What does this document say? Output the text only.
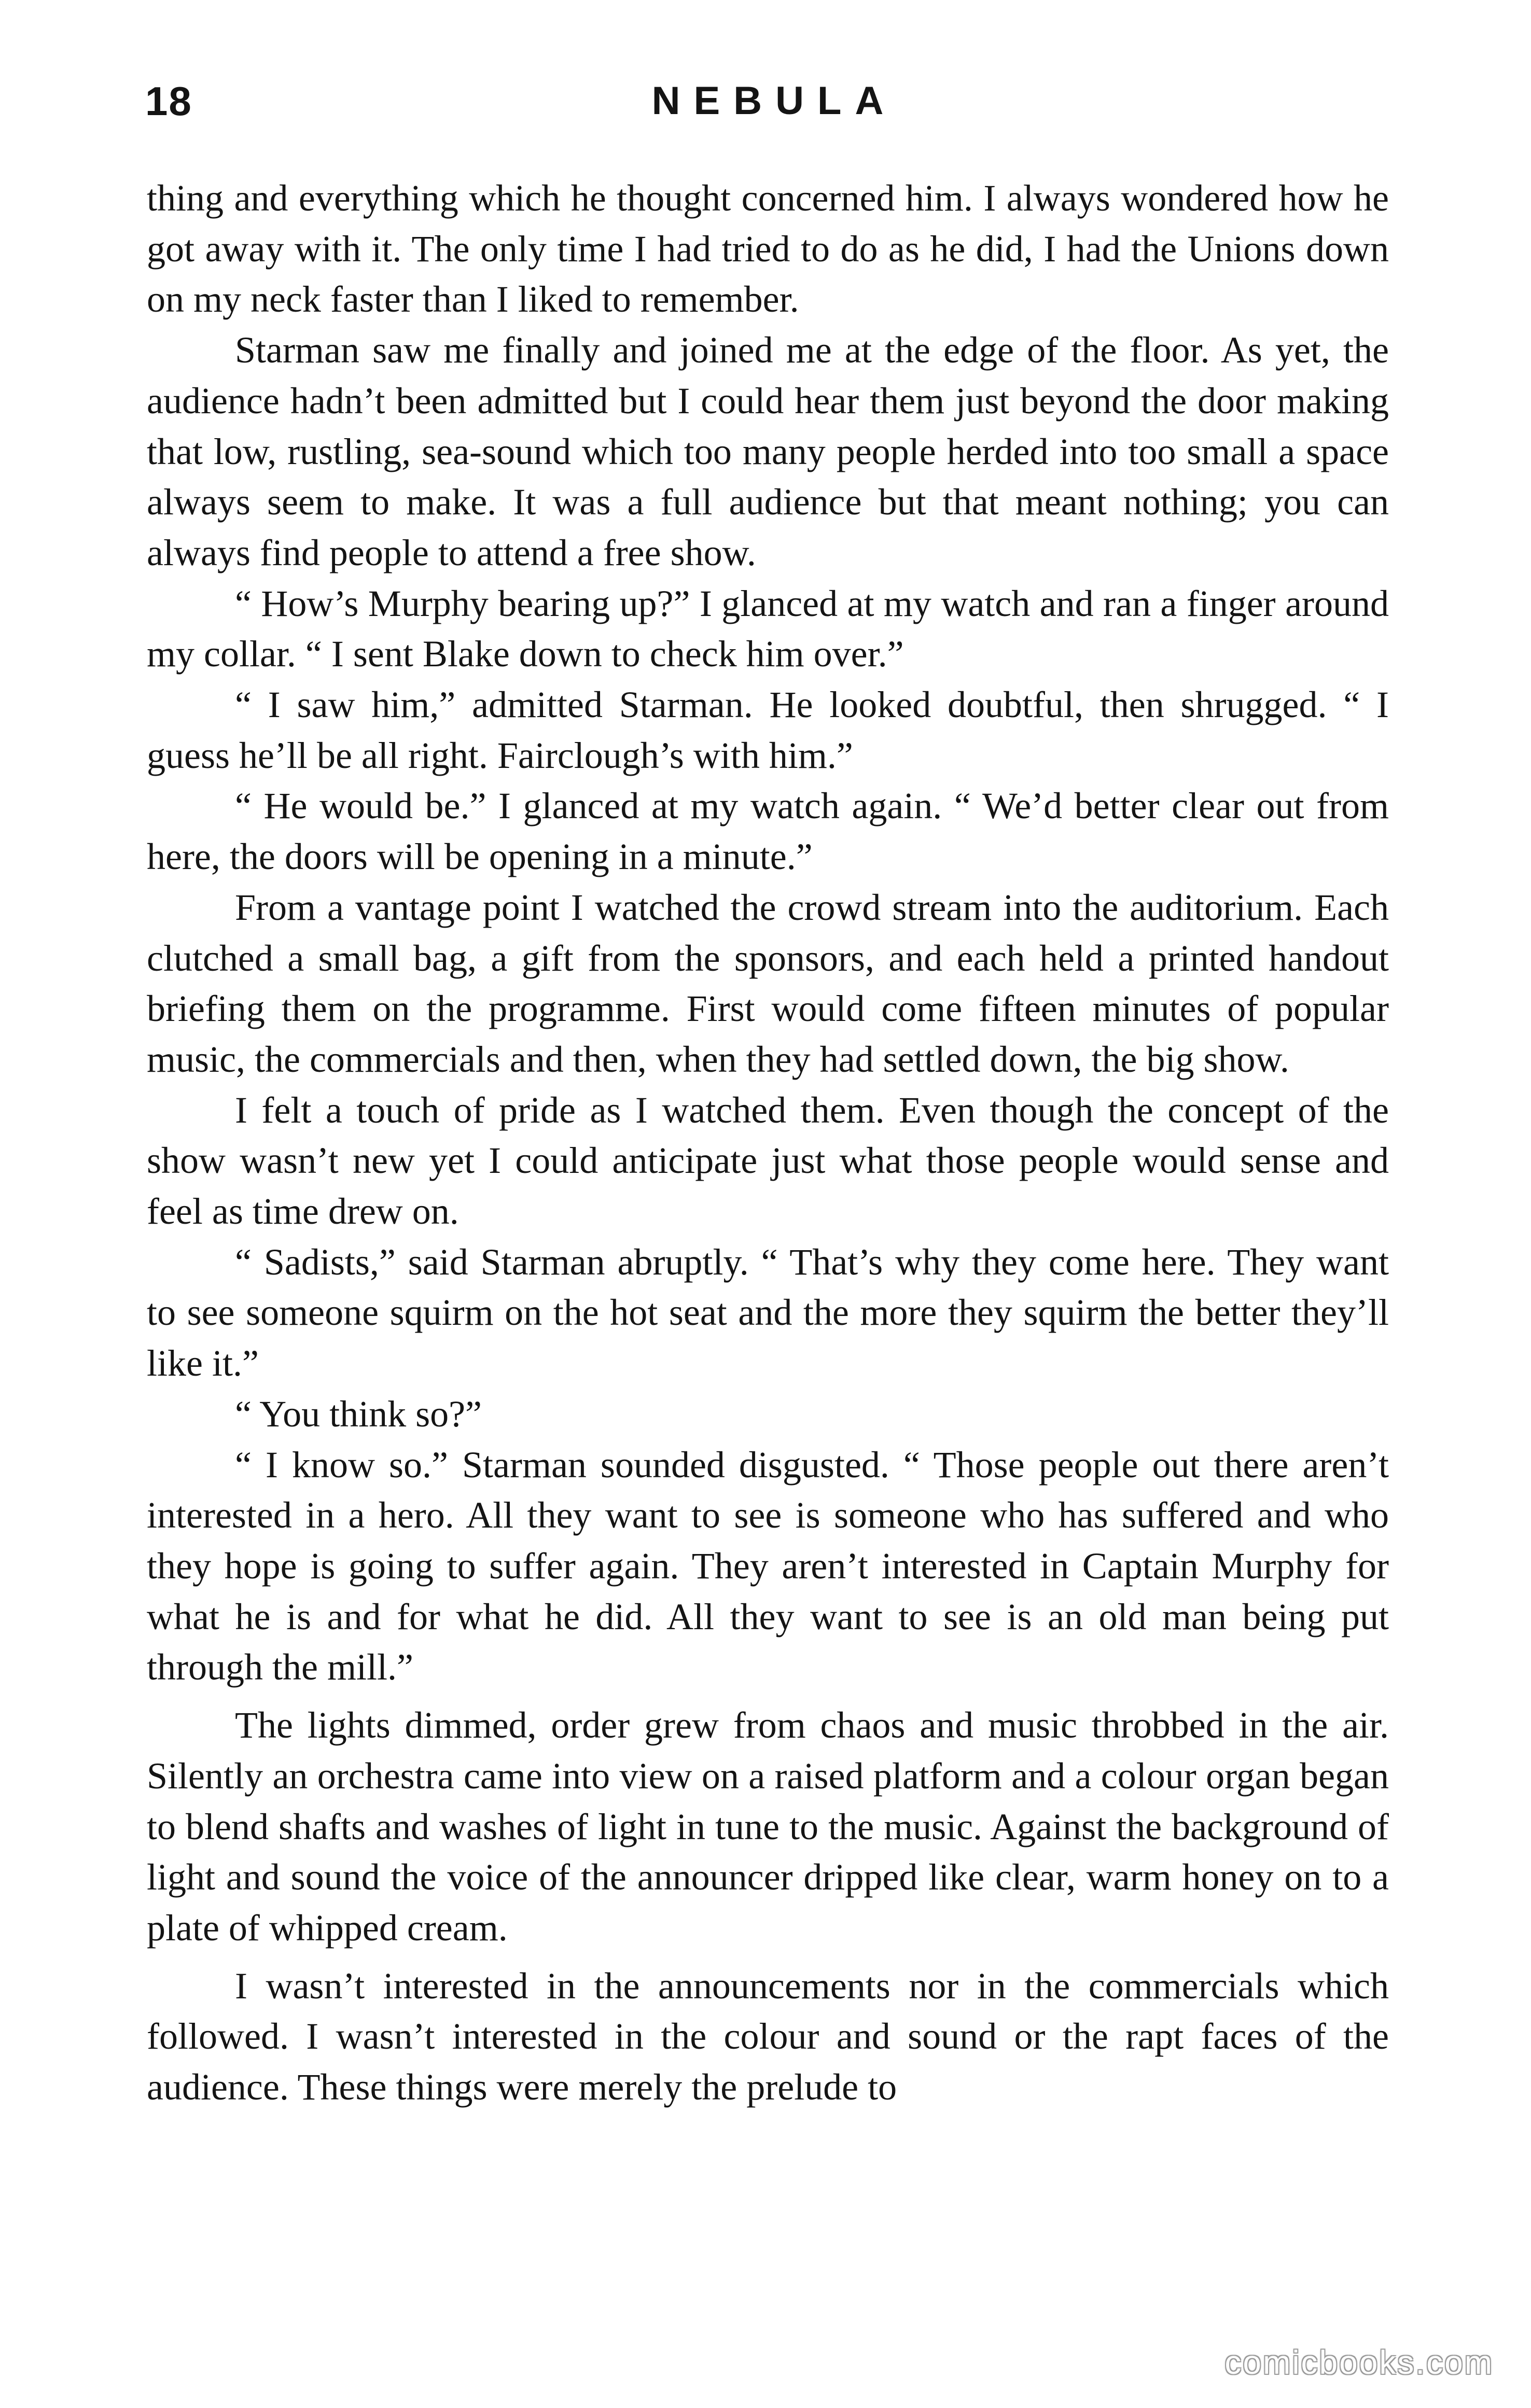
18	NEBULA

thing and everything which he thought concerned him. I always wondered how he got away with it. The only time I had tried to do as he did, I had the Unions down on my neck faster than I liked to remember.

Starman saw me finally and joined me at the edge of the floor. As yet, the audience hadn’t been admitted but I could hear them just beyond the door making that low, rustling, sea-sound which too many people herded into too small a space always seem to make. It was a full audience but that meant nothing; you can always find people to attend a free show.

“ How’s Murphy bearing up?” I glanced at my watch and ran a finger around my collar. “ I sent Blake down to check him over.”

“ I saw him,” admitted Starman. He looked doubtful, then shrugged. “ I guess he’ll be all right. Fairclough’s with him.”

“ He would be.” I glanced at my watch again. “ We’d better clear out from here, the doors will be opening in a minute.”

From a vantage point I watched the crowd stream into the auditorium. Each clutched a small bag, a gift from the sponsors, and each held a printed handout briefing them on the programme. First would come fifteen minutes of popular music, the commercials and then, when they had settled down, the big show.

I felt a touch of pride as I watched them. Even though the concept of the show wasn’t new yet I could anticipate just what those people would sense and feel as time drew on.

“ Sadists,” said Starman abruptly. “ That’s why they come here. They want to see someone squirm on the hot seat and the more they squirm the better they’ll like it.”

“ You think so?”

“ I know so.” Starman sounded disgusted. “ Those people out there aren’t interested in a hero. All they want to see is someone who has suffered and who they hope is going to suffer again. They aren’t interested in Captain Murphy for what he is and for what he did. All they want to see is an old man being put through the mill.”

The lights dimmed, order grew from chaos and music throbbed in the air. Silently an orchestra came into view on a raised platform and a colour organ began to blend shafts and washes of light in tune to the music. Against the background of light and sound the voice of the announcer dripped like clear, warm honey on to a plate of whipped cream.

I wasn’t interested in the announcements nor in the commercials which followed. I wasn’t interested in the colour and sound or the rapt faces of the audience. These things were merely the prelude to

comicbooks.com
